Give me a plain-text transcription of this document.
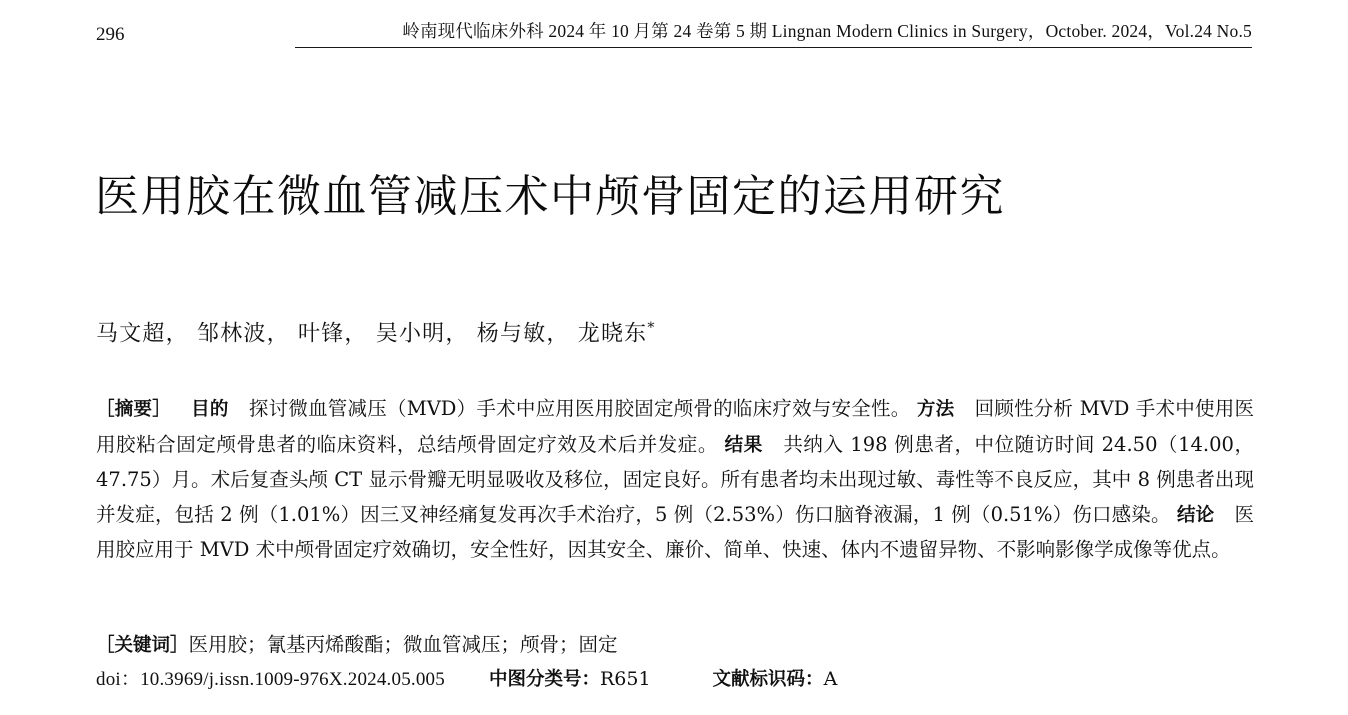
296	岭南现代临床外科 2024 年 10 月第 24 卷第 5 期 Lingnan Modern Clinics in Surgery，October. 2024，Vol.24 No.5
医用胶在微血管减压术中颅骨固定的运用研究
马文超， 邹林波， 叶锋， 吴小明， 杨与敏， 龙晓东*
［摘要］ 目的 探讨微血管减压（MVD）手术中应用医用胶固定颅骨的临床疗效与安全性。 方法 回顾性分析 MVD 手术中使用医用胶粘合固定颅骨患者的临床资料，总结颅骨固定疗效及术后并发症。 结果 共纳入 198 例患者，中位随访时间 24.50（14.00，47.75）月。术后复查头颅 CT 显示骨瓣无明显吸收及移位，固定良好。所有患者均未出现过敏、毒性等不良反应，其中 8 例患者出现并发症，包括 2 例（1.01%）因三叉神经痛复发再次手术治疗，5 例（2.53%）伤口脑脊液漏，1 例（0.51%）伤口感染。 结论 医用胶应用于 MVD 术中颅骨固定疗效确切，安全性好，因其安全、廉价、简单、快速、体内不遗留异物、不影响影像学成像等优点。
［关键词］医用胶；氰基丙烯酸酯；微血管减压；颅骨；固定
doi：10.3969/j.issn.1009-976X.2024.05.005 中图分类号：R651	文献标识码：A
